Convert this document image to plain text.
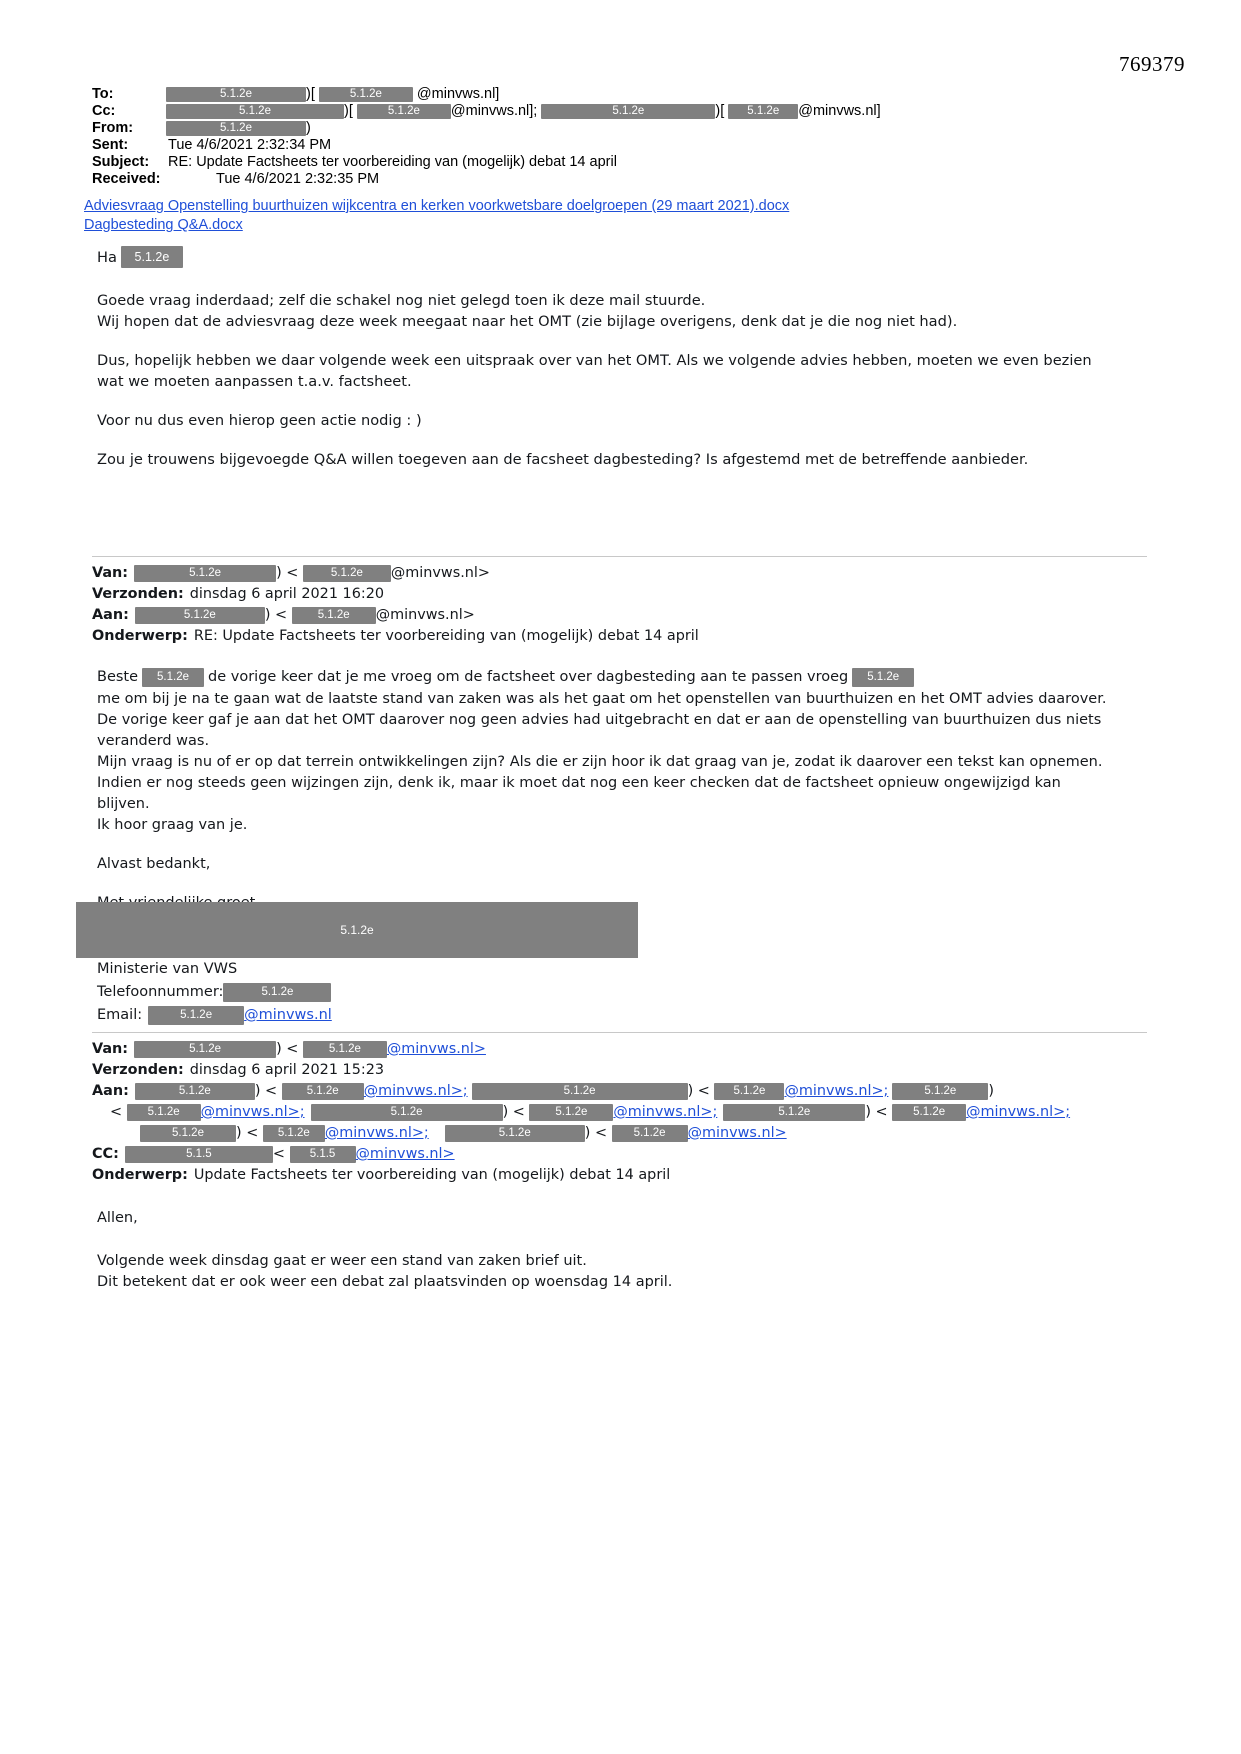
769379
To:	5.1.2e	)[	5.1.2e @minvws.nl]
Cc:	5.1.2e	)[	5.1.2e @minvws.nl];	5.1.2e	)[ 5.1.2e @minvws.nl]
From:	5.1.2e	)
Sent:	Tue 4/6/2021 2:32:34 PM
Subject:	RE: Update Factsheets ter voorbereiding van (mogelijk) debat 14 april
Received:	Tue 4/6/2021 2:32:35 PM
Adviesvraag Openstelling buurthuizen wijkcentra en kerken voorkwetsbare doelgroepen (29 maart 2021).docx
Dagbesteding Q&A.docx
Ha	5.1.2e

Goede vraag inderdaad; zelf die schakel nog niet gelegd toen ik deze mail stuurde.
Wij hopen dat de adviesvraag deze week meegaat naar het OMT (zie bijlage overigens, denk dat je die nog niet had).

Dus, hopelijk hebben we daar volgende week een uitspraak over van het OMT. Als we volgende advies hebben, moeten we even bezien wat we moeten aanpassen t.a.v. factsheet.

Voor nu dus even hierop geen actie nodig : )

Zou je trouwens bijgevoegde Q&A willen toegeven aan de facsheet dagbesteding? Is afgestemd met de betreffende aanbieder.

Van:	5.1.2e	) <	5.1.2e	@minvws.nl>
Verzonden: dinsdag 6 april 2021 16:20
Aan:	5.1.2e	) <	5.1.2e	@minvws.nl>
Onderwerp: RE: Update Factsheets ter voorbereiding van (mogelijk) debat 14 april
Beste	5.1.2e	de vorige keer dat je me vroeg om de factsheet over dagbesteding aan te passen vroeg	5.1.2e
me om bij je na te gaan wat de laatste stand van zaken was als het gaat om het openstellen van buurthuizen en het OMT advies daarover.

De vorige keer gaf je aan dat het OMT daarover nog geen advies had uitgebracht en dat er aan de openstelling van buurthuizen dus niets veranderd was.

Mijn vraag is nu of er op dat terrein ontwikkelingen zijn? Als die er zijn hoor ik dat graag van je, zodat ik daarover een tekst kan opnemen.

Indien er nog steeds geen wijzingen zijn, denk ik, maar ik moet dat nog een keer checken dat de factsheet opnieuw ongewijzigd kan blijven.

Ik hoor graag van je.

Alvast bedankt,

5.1.2e
Ministerie van VWS
Telefoonnummer:	5.1.2e
Email:	5.1.2e	@minvws.nl
Van:	5.1.2e	) <	5.1.2e	@minvws.nl>
Verzonden: dinsdag 6 april 2021 15:23
Aan:	5.1.2e	) <	5.1.2e	@minvws.nl>;	5.1.2e	) <	5.1.2e	@minvws.nl>;	5.1.2e	)
<	5.1.2e	@minvws.nl>;	5.1.2e	) <	5.1.2e	@minvws.nl>;	5.1.2e	) <	5.1.2e	@minvws.nl>;
5.1.2e	) <	5.1.2e	@minvws.nl>;	5.1.2e	) <	5.1.2e	@minvws.nl>
CC:	5.1.5	<	5.1.5	@minvws.nl>
Onderwerp: Update Factsheets ter voorbereiding van (mogelijk) debat 14 april

Allen,

Volgende week dinsdag gaat er weer een stand van zaken brief uit.

Dit betekent dat er ook weer een debat zal plaatsvinden op woensdag 14 april.
